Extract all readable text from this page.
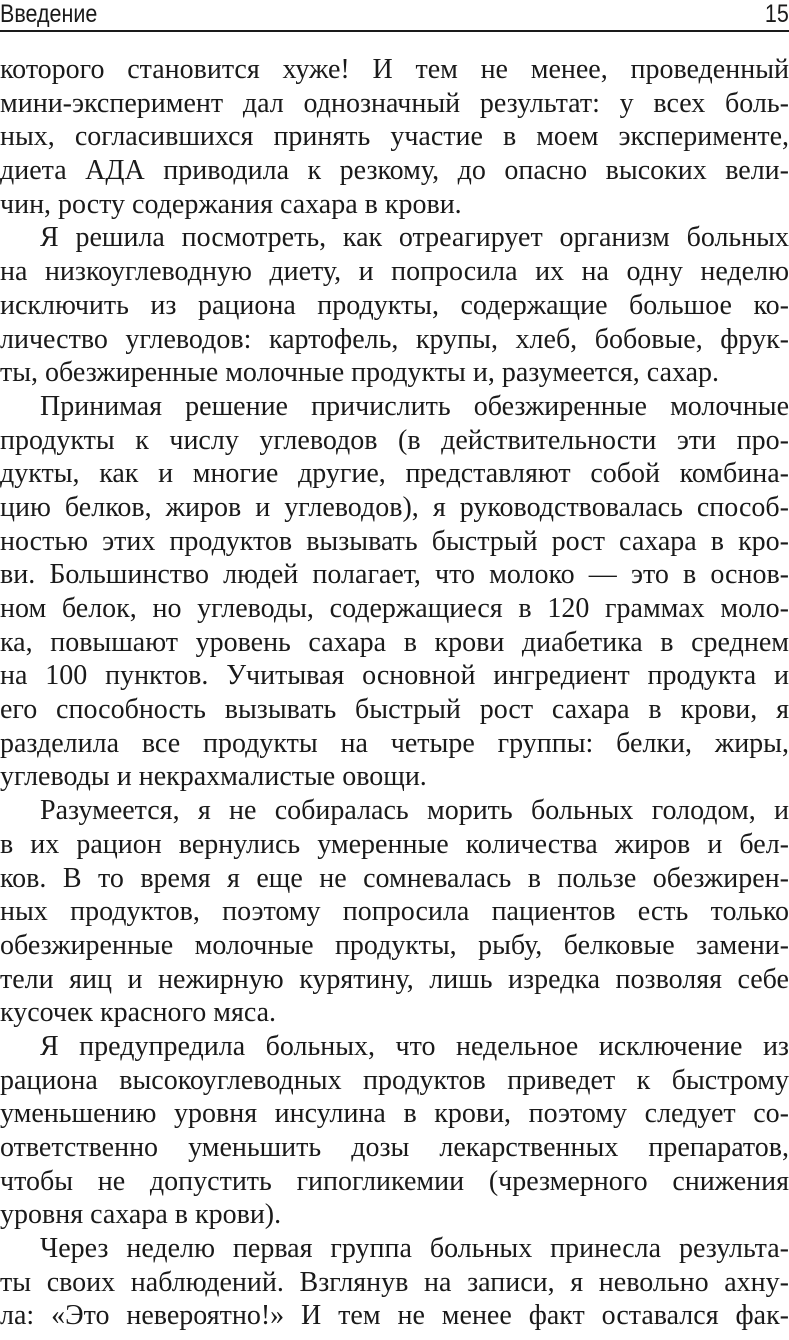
Введение	15
которого становится хуже! И тем не менее, проведенный
мини-эксперимент дал однозначный результат: у всех боль-
ных, согласившихся принять участие в моем эксперименте,
диета АДА приводила к резкому, до опасно высоких вели-
чин, росту содержания сахара в крови.
Я решила посмотреть, как отреагирует организм больных
на низкоуглеводную диету, и попросила их на одну неделю
исключить из рациона продукты, содержащие большое ко-
личество углеводов: картофель, крупы, хлеб, бобовые, фрук-
ты, обезжиренные молочные продукты и, разумеется, сахар.
Принимая решение причислить обезжиренные молочные
продукты к числу углеводов (в действительности эти про-
дукты, как и многие другие, представляют собой комбина-
цию белков, жиров и углеводов), я руководствовалась способ-
ностью этих продуктов вызывать быстрый рост сахара в кро-
ви. Большинство людей полагает, что молоко — это в основ-
ном белок, но углеводы, содержащиеся в 120 граммах моло-
ка, повышают уровень сахара в крови диабетика в среднем
на 100 пунктов. Учитывая основной ингредиент продукта и
его способность вызывать быстрый рост сахара в крови, я
разделила все продукты на четыре группы: белки, жиры,
углеводы и некрахмалистые овощи.
Разумеется, я не собиралась морить больных голодом, и
в их рацион вернулись умеренные количества жиров и бел-
ков. В то время я еще не сомневалась в пользе обезжирен-
ных продуктов, поэтому попросила пациентов есть только
обезжиренные молочные продукты, рыбу, белковые замени-
тели яиц и нежирную курятину, лишь изредка позволяя себе
кусочек красного мяса.
Я предупредила больных, что недельное исключение из
рациона высокоуглеводных продуктов приведет к быстрому
уменьшению уровня инсулина в крови, поэтому следует со-
ответственно уменьшить дозы лекарственных препаратов,
чтобы не допустить гипогликемии (чрезмерного снижения
уровня сахара в крови).
Через неделю первая группа больных принесла результа-
ты своих наблюдений. Взглянув на записи, я невольно ахну-
ла: «Это невероятно!» И тем не менее факт оставался фак-
